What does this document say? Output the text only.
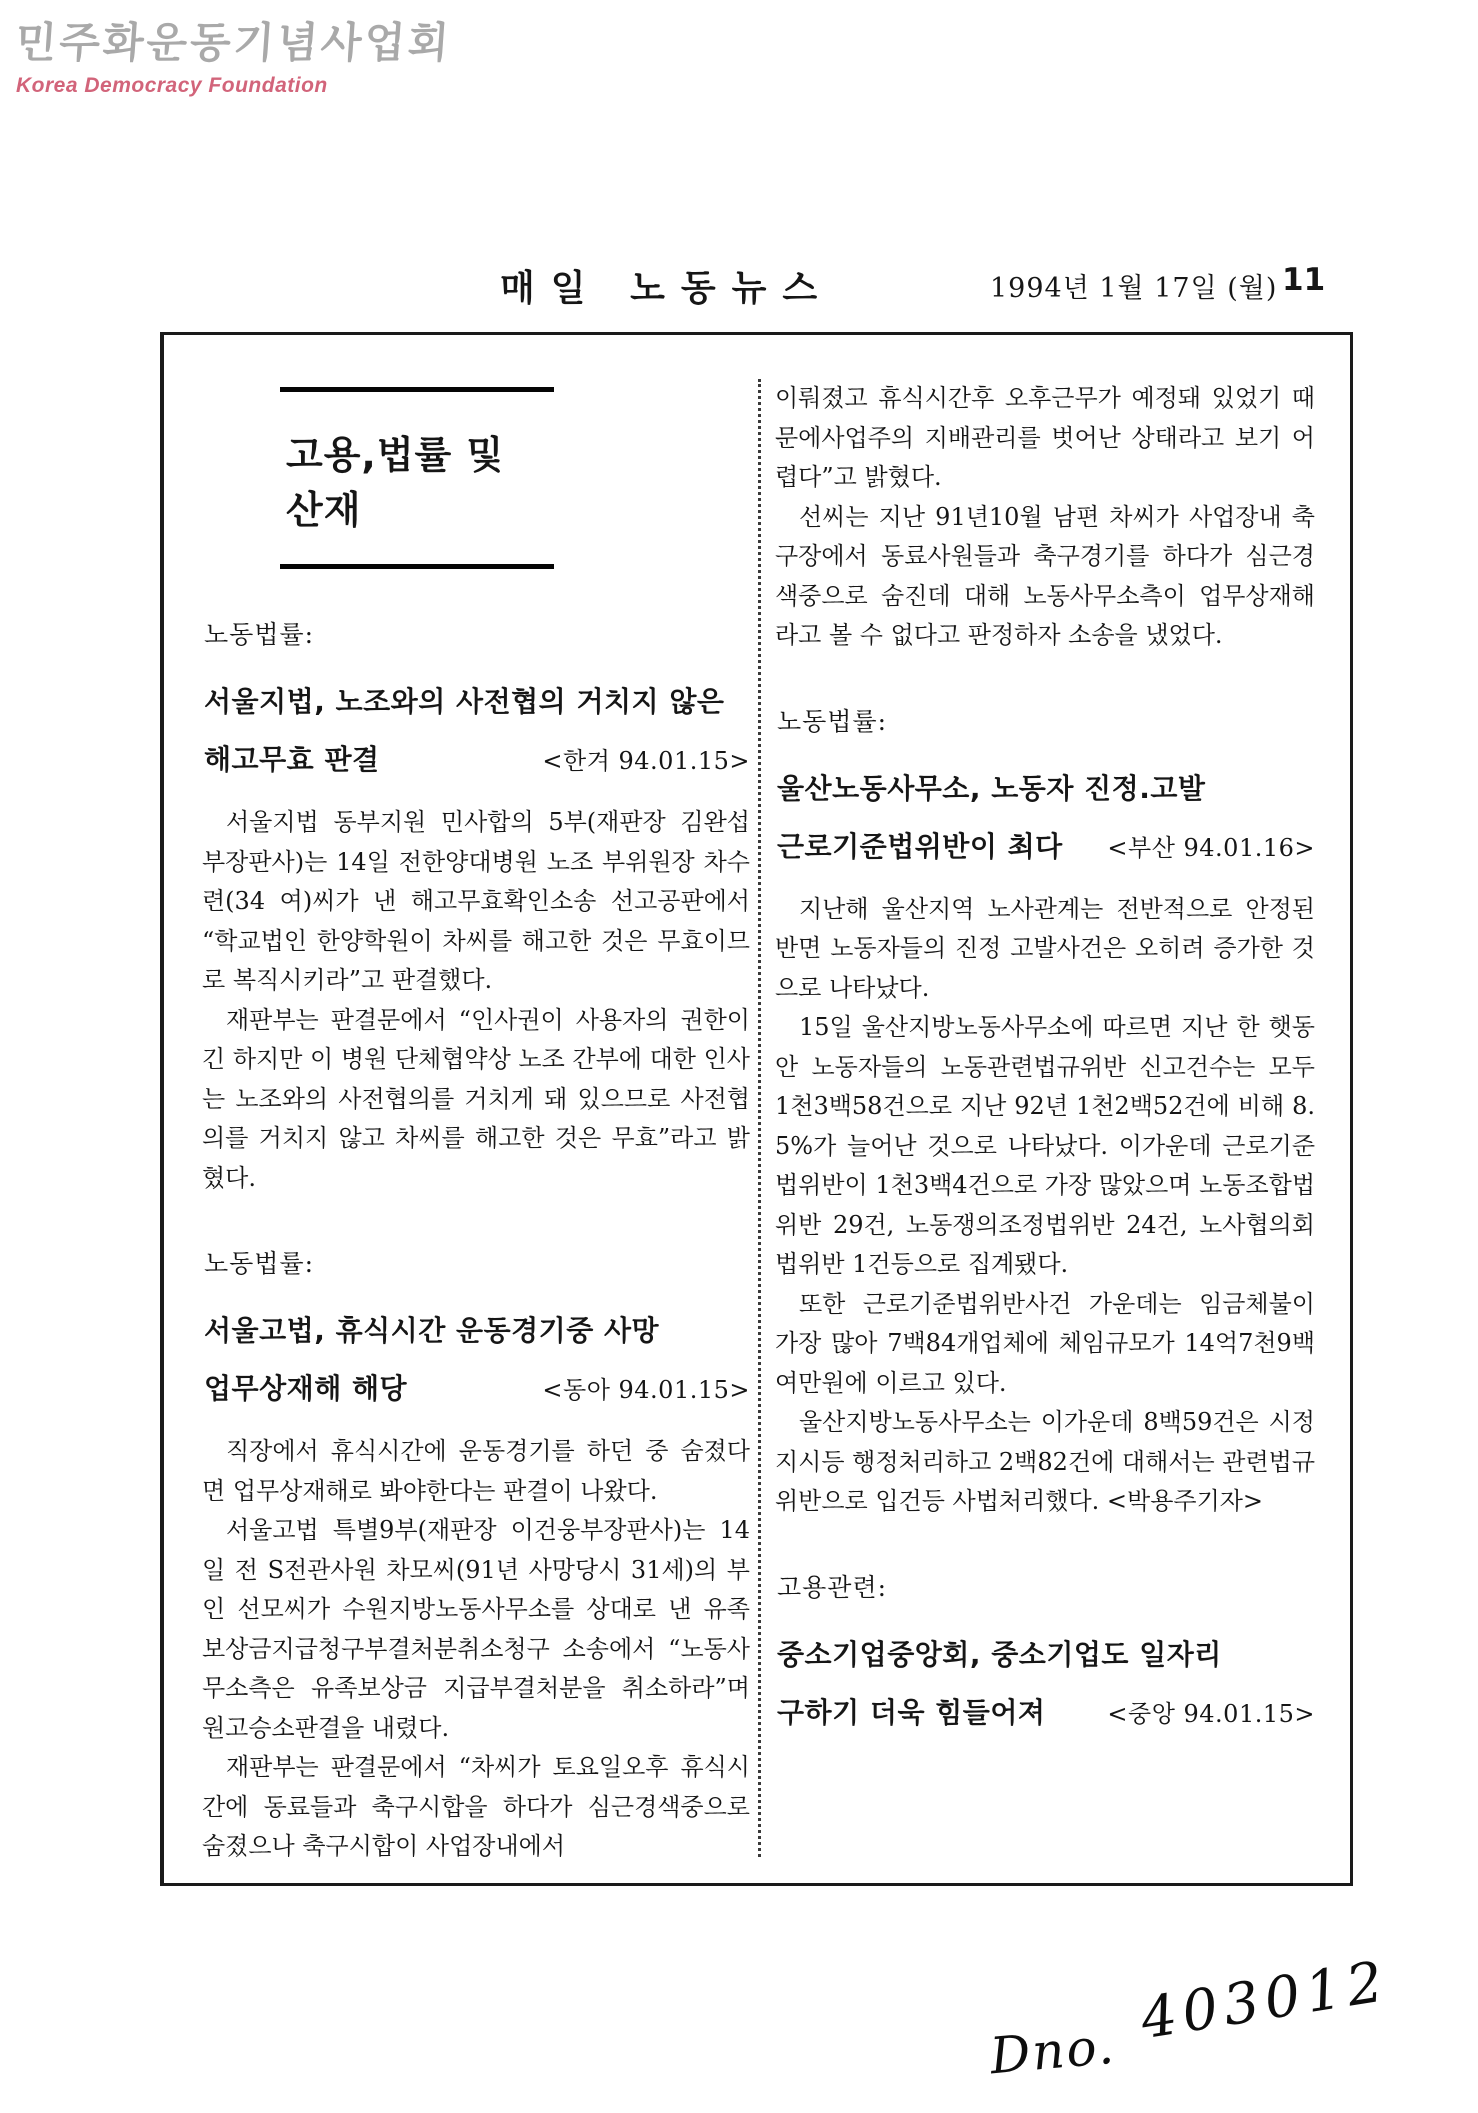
민주화운동기념사업회
Korea Democracy Foundation
매일 노동뉴스	1994년 1월 17일 (월) 11
고용,법률 및 산재
노동법률:
서울지법, 노조와의 사전협의 거치지 않은
해고무효 판결	<한겨 94.01.15>

서울지법 동부지원 민사합의 5부(재판장 김완섭 부장판사)는 14일 전한양대병원 노조 부위원장 차수련(34 여)씨가 낸 해고무효확인소송 선고공판에서 “학교법인 한양학원이 차씨를 해고한 것은 무효이므로 복직시키라”고 판결했다.

재판부는 판결문에서 “인사권이 사용자의 권한이긴 하지만 이 병원 단체협약상 노조 간부에 대한 인사는 노조와의 사전협의를 거치게 돼 있으므로 사전협의를 거치지 않고 차씨를 해고한 것은 무효”라고 밝혔다.

노동법률:
서울고법, 휴식시간 운동경기중 사망
업무상재해 해당	<동아 94.01.15>

직장에서 휴식시간에 운동경기를 하던 중 숨졌다면 업무상재해로 봐야한다는 판결이 나왔다.

서울고법 특별9부(재판장 이건웅부장판사)는 14일 전 S전관사원 차모씨(91년 사망당시 31세)의 부인 선모씨가 수원지방노동사무소를 상대로 낸 유족보상금지급청구부결처분취소청구 소송에서 “노동사무소측은 유족보상금 지급부결처분을 취소하라”며 원고승소판결을 내렸다.

재판부는 판결문에서 “차씨가 토요일오후 휴식시간에 동료들과 축구시합을 하다가 심근경색중으로 숨졌으나 축구시합이 사업장내에서

이뤄졌고 휴식시간후 오후근무가 예정돼 있었기 때문에사업주의 지배관리를 벗어난 상태라고 보기 어렵다”고 밝혔다.

선씨는 지난 91년10월 남편 차씨가 사업장내 축구장에서 동료사원들과 축구경기를 하다가 심근경색중으로 숨진데 대해 노동사무소측이 업무상재해라고 볼 수 없다고 판정하자 소송을 냈었다.

노동법률:
울산노동사무소, 노동자 진정.고발
근로기준법위반이 최다 <부산 94.01.16>

지난해 울산지역 노사관계는 전반적으로 안정된 반면 노동자들의 진정 고발사건은 오히려 증가한 것으로 나타났다.

15일 울산지방노동사무소에 따르면 지난 한 햇동안 노동자들의 노동관련법규위반 신고건수는 모두 1천3백58건으로 지난 92년 1천2백52건에 비해 8.5%가 늘어난 것으로 나타났다. 이가운데 근로기준법위반이 1천3백4건으로 가장 많았으며 노동조합법위반 29건, 노동쟁의조정법위반 24건, 노사협의회법위반 1건등으로 집계됐다.

또한 근로기준법위반사건 가운데는 임금체불이 가장 많아 7백84개업체에 체임규모가 14억7천9백여만원에 이르고 있다.

울산지방노동사무소는 이가운데 8백59건은 시정지시등 행정처리하고 2백82건에 대해서는 관련법규위반으로 입건등 사법처리했다. <박용주기자>

고용관련:
중소기업중앙회, 중소기업도 일자리
구하기 더욱 힘들어져	<중앙 94.01.15>
Dno. 403012
